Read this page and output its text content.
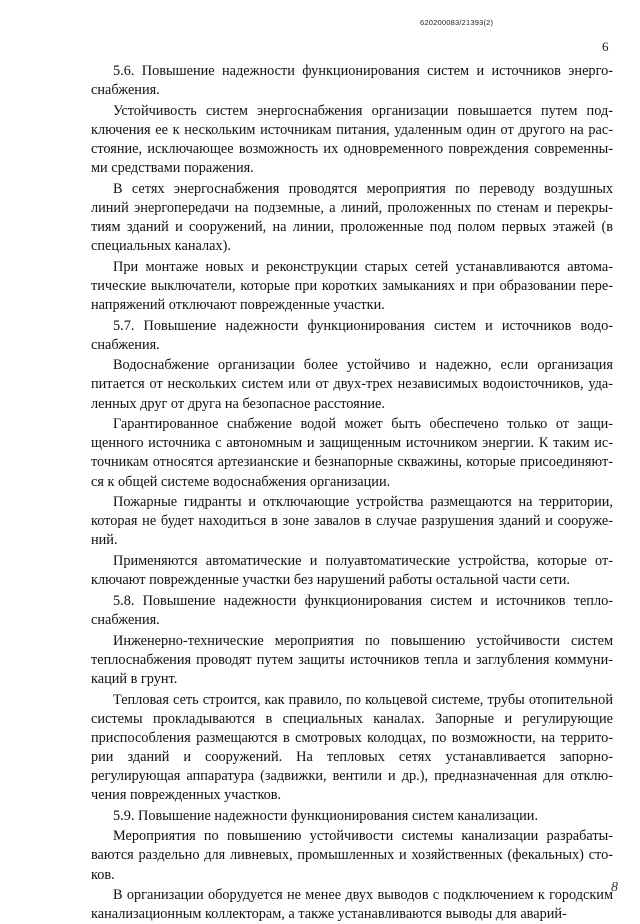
620200083/21393(2)
6

5.6. Повышение надежности функционирования систем и источников энергоснабжения.

Устойчивость систем энергоснабжения организации повышается путем подключения ее к нескольким источникам питания, удаленным один от другого на расстояние, исключающее возможность их одновременного повреждения современными средствами поражения.

В сетях энергоснабжения проводятся мероприятия по переводу воздушных линий энергопередачи на подземные, а линий, проложенных по стенам и перекрытиям зданий и сооружений, на линии, проложенные под полом первых этажей (в специальных каналах).

При монтаже новых и реконструкции старых сетей устанавливаются автоматические выключатели, которые при коротких замыканиях и при образовании перенапряжений отключают поврежденные участки.

5.7. Повышение надежности функционирования систем и источников водоснабжения.

Водоснабжение организации более устойчиво и надежно, если организация питается от нескольких систем или от двух-трех независимых водоисточников, удаленных друг от друга на безопасное расстояние.

Гарантированное снабжение водой может быть обеспечено только от защищенного источника с автономным и защищенным источником энергии. К таким источникам относятся артезианские и безнапорные скважины, которые присоединяются к общей системе водоснабжения организации.

Пожарные гидранты и отключающие устройства размещаются на территории, которая не будет находиться в зоне завалов в случае разрушения зданий и сооружений.

Применяются автоматические и полуавтоматические устройства, которые отключают поврежденные участки без нарушений работы остальной части сети.

5.8. Повышение надежности функционирования систем и источников теплоснабжения.

Инженерно-технические мероприятия по повышению устойчивости систем теплоснабжения проводят путем защиты источников тепла и заглубления коммуникаций в грунт.

Тепловая сеть строится, как правило, по кольцевой системе, трубы отопительной системы прокладываются в специальных каналах. Запорные и регулирующие приспособления размещаются в смотровых колодцах, по возможности, на территории зданий и сооружений. На тепловых сетях устанавливается запорно-регулирующая аппаратура (задвижки, вентили и др.), предназначенная для отключения поврежденных участков.

5.9. Повышение надежности функционирования систем канализации.

Мероприятия по повышению устойчивости системы канализации разрабатываются раздельно для ливневых, промышленных и хозяйственных (фекальных) стоков.

В организации оборудуется не менее двух выводов с подключением к городским канализационным коллекторам, а также устанавливаются выводы для аварий-

8
